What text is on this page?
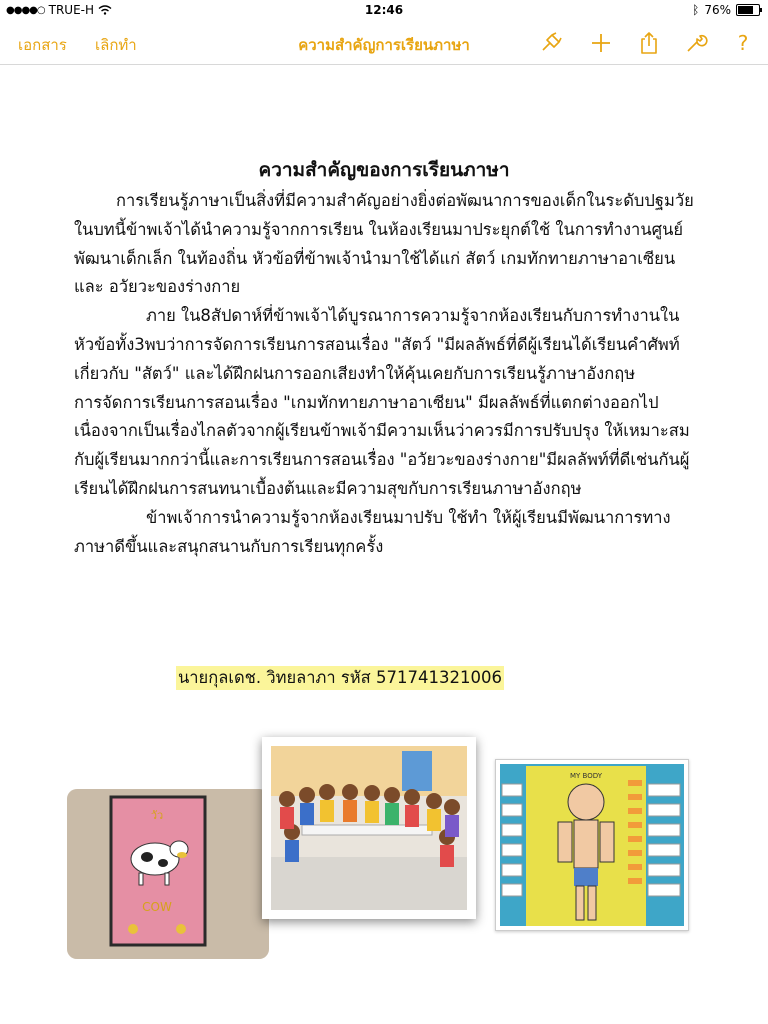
●●●●○ TRUE-H	12:46	ᛒ 76%
เอกสาร เลิกทำ	ความสำคัญการเรียนภาษา	?
ความสำคัญของการเรียนภาษา

การเรียนรู้ภาษาเป็นสิ่งที่มีความสำคัญอย่างยิ่งต่อพัฒนาการของเด็กในระดับปฐมวัย ในบทนี้ข้าพเจ้าได้นำความรู้จากการเรียน ในห้องเรียนมาประยุกต์ใช้ ในการทำงานศูนย์พัฒนาเด็กเล็ก ในท้องถิ่น หัวข้อที่ข้าพเจ้านำมาใช้ได้แก่ สัตว์ เกมทักทายภาษาอาเซียน และ อวัยวะของร่างกาย

ภาย ใน8สัปดาห์ที่ข้าพเจ้าได้บูรณาการความรู้จากห้องเรียนกับการทำงานในหัวข้อทั้ง3พบว่าการจัดการเรียนการสอนเรื่อง "สัตว์ "มีผลลัพธ์ที่ดีผู้เรียนได้เรียนคำศัพท์เกี่ยวกับ "สัตว์" และได้ฝึกฝนการออกเสียงทำให้คุ้นเคยกับการเรียนรู้ภาษาอังกฤษ

การจัดการเรียนการสอนเรื่อง "เกมทักทายภาษาอาเซียน" มีผลลัพธ์ที่แตกต่างออกไปเนื่องจากเป็นเรื่องไกลตัวจากผู้เรียนข้าพเจ้ามีความเห็นว่าควรมีการปรับปรุง ให้เหมาะสมกับผู้เรียนมากกว่านี้และการเรียนการสอนเรื่อง "อวัยวะของร่างกาย"มีผลลัพท์ที่ดีเช่นกันผู้เรียนได้ฝึกฝนการสนทนาเบื้องต้นและมีความสุขกับการเรียนภาษาอังกฤษ

ข้าพเจ้าการนำความรู้จากห้องเรียนมาปรับ ใช้ทำ ให้ผู้เรียนมีพัฒนาการทางภาษาดีขึ้นและสนุกสนานกับการเรียนทุกครั้ง

นายกุลเดช. วิทยลาภา รหัส 571741321006
วัว
COW
MY BODY
